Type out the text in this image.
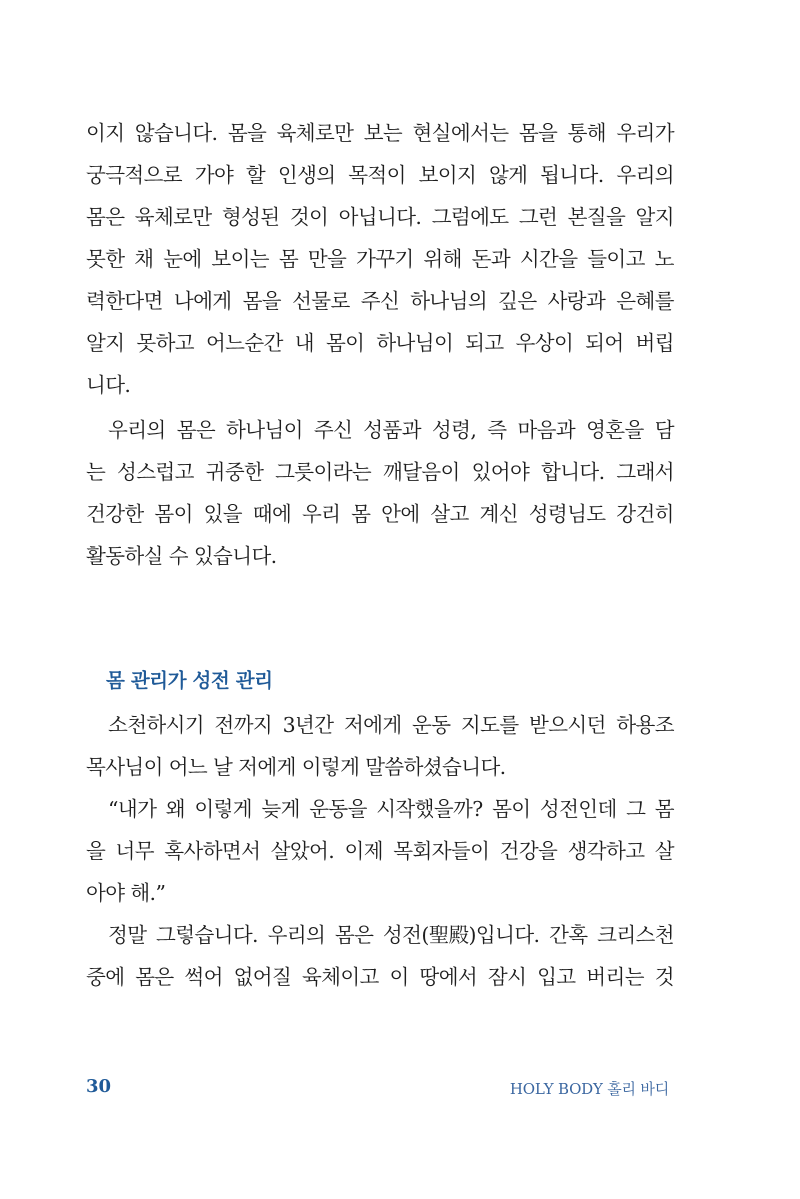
이지 않습니다. 몸을 육체로만 보는 현실에서는 몸을 통해 우리가
궁극적으로 가야 할 인생의 목적이 보이지 않게 됩니다. 우리의
몸은 육체로만 형성된 것이 아닙니다. 그럼에도 그런 본질을 알지
못한 채 눈에 보이는 몸 만을 가꾸기 위해 돈과 시간을 들이고 노
력한다면 나에게 몸을 선물로 주신 하나님의 깊은 사랑과 은혜를
알지 못하고 어느순간 내 몸이 하나님이 되고 우상이 되어 버립
니다.
우리의 몸은 하나님이 주신 성품과 성령, 즉 마음과 영혼을 담
는 성스럽고 귀중한 그릇이라는 깨달음이 있어야 합니다. 그래서
건강한 몸이 있을 때에 우리 몸 안에 살고 계신 성령님도 강건히
활동하실 수 있습니다.
몸 관리가 성전 관리
소천하시기 전까지 3년간 저에게 운동 지도를 받으시던 하용조
목사님이 어느 날 저에게 이렇게 말씀하셨습니다.
“내가 왜 이렇게 늦게 운동을 시작했을까? 몸이 성전인데 그 몸
을 너무 혹사하면서 살았어. 이제 목회자들이 건강을 생각하고 살
아야 해.”
정말 그렇습니다. 우리의 몸은 성전(聖殿)입니다. 간혹 크리스천
중에 몸은 썩어 없어질 육체이고 이 땅에서 잠시 입고 버리는 것
30	HOLY BODY 홀리 바디
